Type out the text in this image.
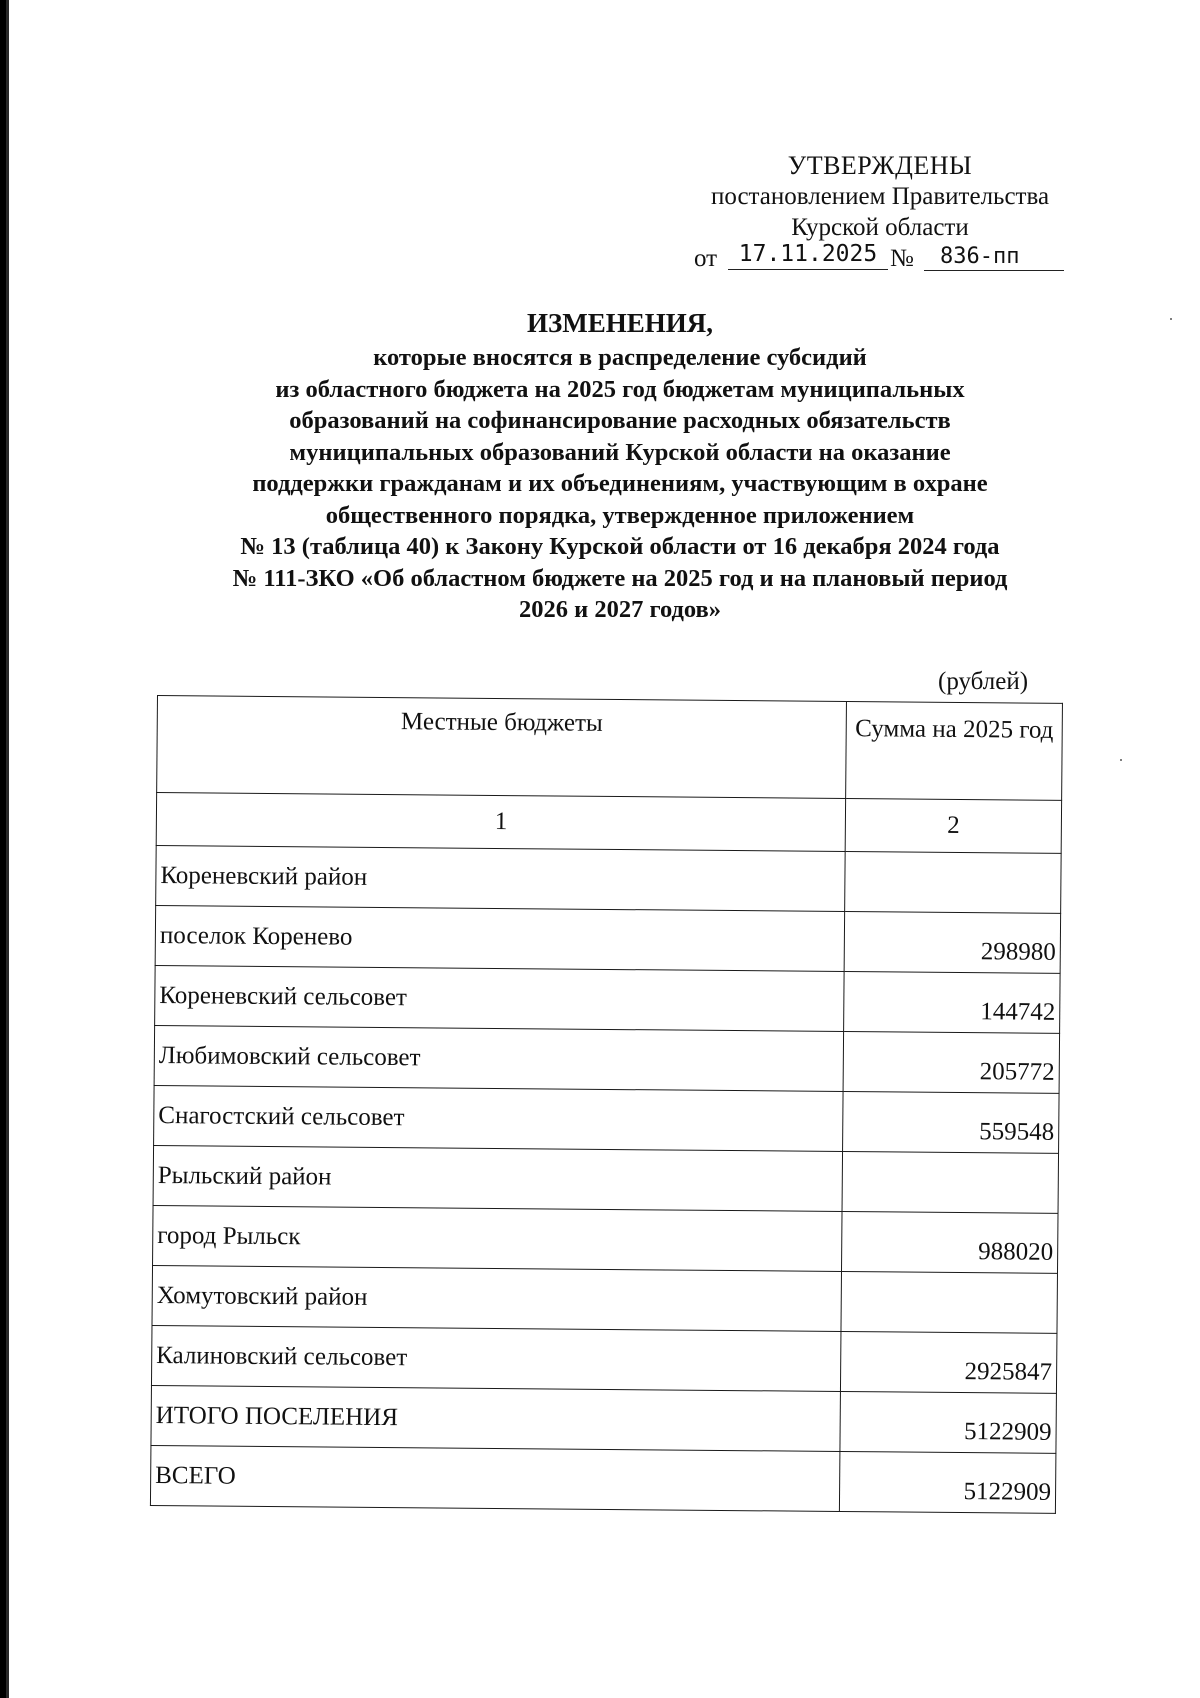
УТВЕРЖДЕНЫ
постановлением Правительства
Курской области
от 17.11.2025 №	836-пп
ИЗМЕНЕНИЯ,
которые вносятся в распределение субсидий
из областного бюджета на 2025 год бюджетам муниципальных
образований на софинансирование расходных обязательств
муниципальных образований Курской области на оказание
поддержки гражданам и их объединениям, участвующим в охране
общественного порядка, утвержденное приложением
№ 13 (таблица 40) к Закону Курской области от 16 декабря 2024 года
№ 111-ЗКО «Об областном бюджете на 2025 год и на плановый период
2026 и 2027 годов»
(рублей)
Местные бюджеты	Сумма на 2025 год
1	2
Кореневский район	
поселок Коренево	298980
Кореневский сельсовет	144742
Любимовский сельсовет	205772
Снагостский сельсовет	559548
Рыльский район	
город Рыльск	988020
Хомутовский район	
Калиновский сельсовет	2925847
ИТОГО ПОСЕЛЕНИЯ	5122909
ВСЕГО	5122909
